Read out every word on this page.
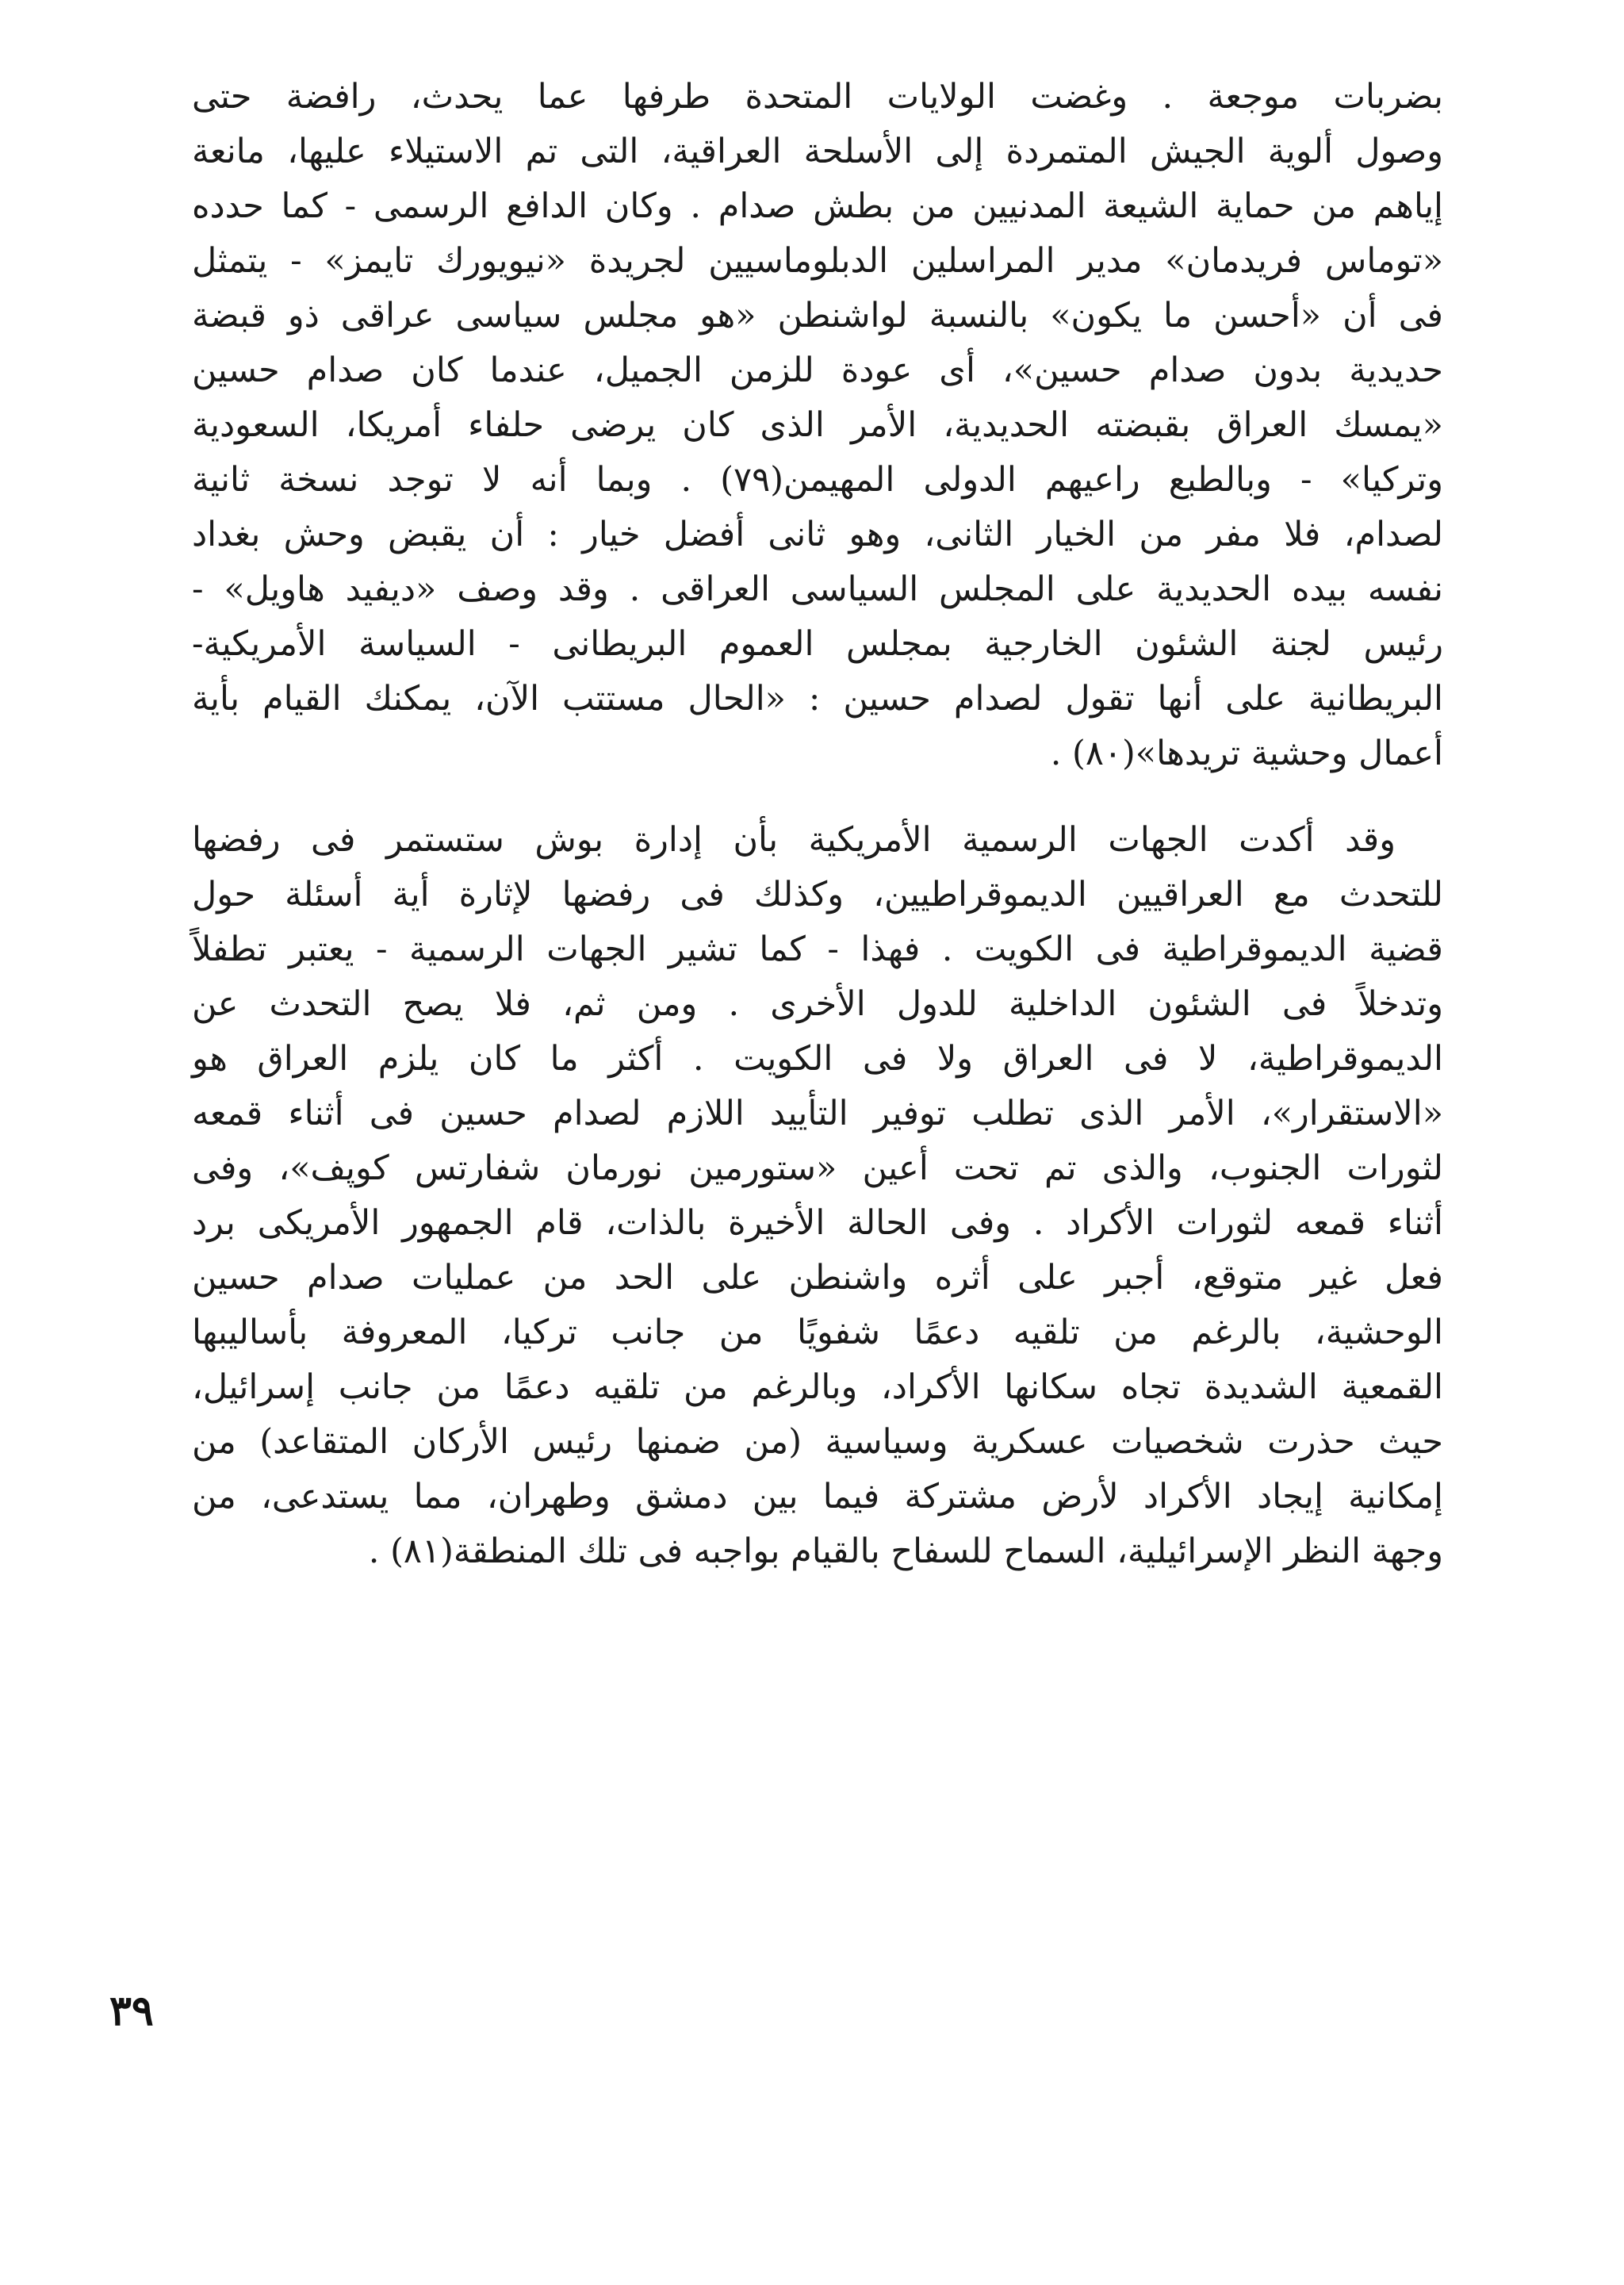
بضربات موجعة . وغضت الولايات المتحدة طرفها عما يحدث، رافضة حتى
وصول ألوية الجيش المتمردة إلى الأسلحة العراقية، التى تم الاستيلاء عليها، مانعة
إياهم من حماية الشيعة المدنيين من بطش صدام . وكان الدافع الرسمى - كما حدده
«توماس فريدمان» مدير المراسلين الدبلوماسيين لجريدة «نيويورك تايمز» - يتمثل
فى أن «أحسن ما يكون» بالنسبة لواشنطن «هو مجلس سياسى عراقى ذو قبضة
حديدية بدون صدام حسين»، أى عودة للزمن الجميل، عندما كان صدام حسين
«يمسك العراق بقبضته الحديدية، الأمر الذى كان يرضى حلفاء أمريكا، السعودية
وتركيا» - وبالطبع راعيهم الدولى المهيمن(٧٩) . وبما أنه لا توجد نسخة ثانية
لصدام، فلا مفر من الخيار الثانى، وهو ثانى أفضل خيار : أن يقبض وحش بغداد
نفسه بيده الحديدية على المجلس السياسى العراقى . وقد وصف «ديفيد هاويل» -
رئيس لجنة الشئون الخارجية بمجلس العموم البريطانى - السياسة الأمريكية-
البريطانية على أنها تقول لصدام حسين : «الحال مستتب الآن، يمكنك القيام بأية
أعمال وحشية تريدها»(٨٠) .

وقد أكدت الجهات الرسمية الأمريكية بأن إدارة بوش ستستمر فى رفضها
للتحدث مع العراقيين الديموقراطيين، وكذلك فى رفضها لإثارة أية أسئلة حول
قضية الديموقراطية فى الكويت . فهذا - كما تشير الجهات الرسمية - يعتبر تطفلاً
وتدخلاً فى الشئون الداخلية للدول الأخرى . ومن ثم، فلا يصح التحدث عن
الديموقراطية، لا فى العراق ولا فى الكويت . أكثر ما كان يلزم العراق هو
«الاستقرار»، الأمر الذى تطلب توفير التأييد اللازم لصدام حسين فى أثناء قمعه
لثورات الجنوب، والذى تم تحت أعين «ستورمين نورمان شفارتس كوپف»، وفى
أثناء قمعه لثورات الأكراد . وفى الحالة الأخيرة بالذات، قام الجمهور الأمريكى برد
فعل غير متوقع، أجبر على أثره واشنطن على الحد من عمليات صدام حسين
الوحشية، بالرغم من تلقيه دعمًا شفويًا من جانب تركيا، المعروفة بأساليبها
القمعية الشديدة تجاه سكانها الأكراد، وبالرغم من تلقيه دعمًا من جانب إسرائيل،
حيث حذرت شخصيات عسكرية وسياسية (من ضمنها رئيس الأركان المتقاعد) من
إمكانية إيجاد الأكراد لأرض مشتركة فيما بين دمشق وطهران، مما يستدعى، من
وجهة النظر الإسرائيلية، السماح للسفاح بالقيام بواجبه فى تلك المنطقة(٨١) .

٣٩
